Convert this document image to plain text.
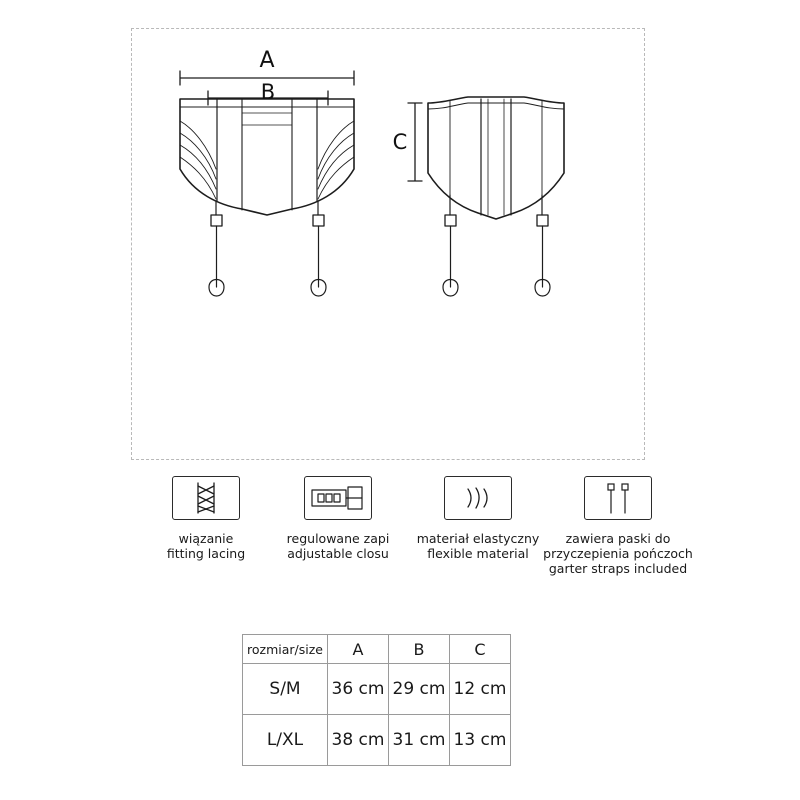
A
B
C
wiązanie
fitting lacing
regulowane zapi
adjustable closu
materiał elastyczny
flexible material
zawiera paski do
przyczepienia pończoch
garter straps included
rozmiar/size	A	B	C
S/M	36 cm	29 cm	12 cm
L/XL	38 cm	31 cm	13 cm
